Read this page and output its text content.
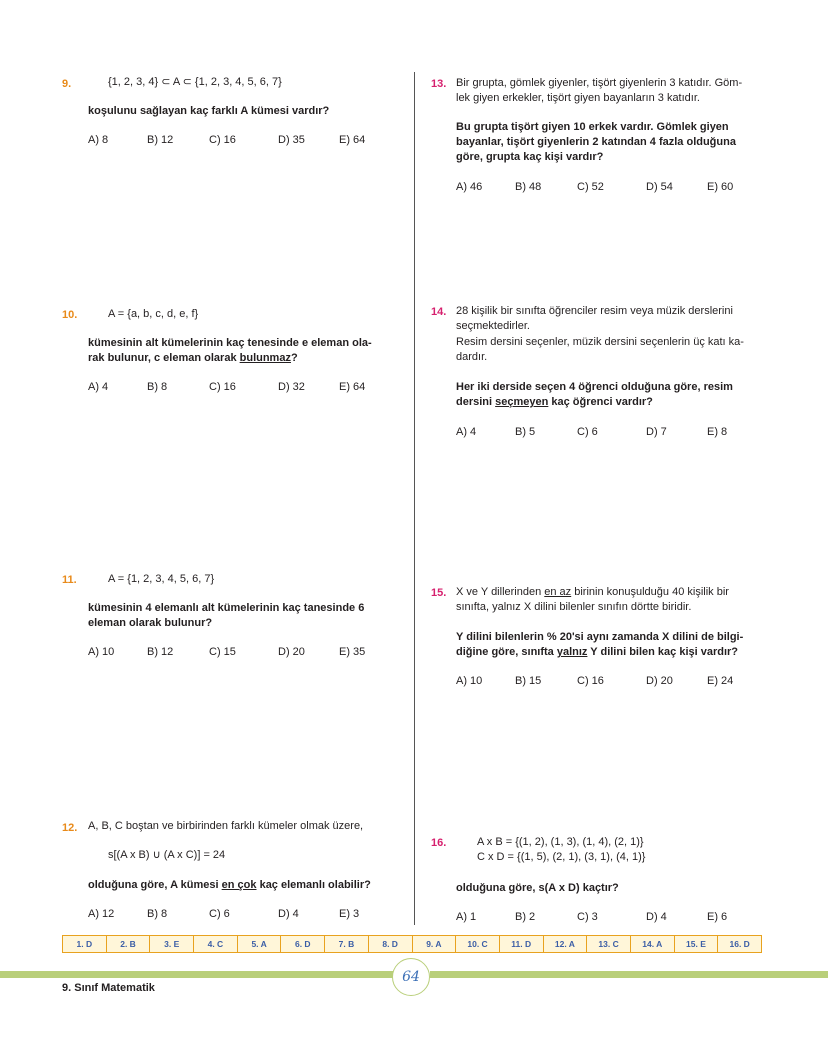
9.	{1, 2, 3, 4} ⊂ A ⊂ {1, 2, 3, 4, 5, 6, 7}
koşulunu sağlayan kaç farklı A kümesi vardır?
A) 8	B) 12	C) 16	D) 35	E) 64
10.	A = {a, b, c, d, e, f}
kümesinin alt kümelerinin kaç tenesinde e eleman ola-
rak bulunur, c eleman olarak bulunmaz?
A) 4	B) 8	C) 16	D) 32	E) 64
11.	A = {1, 2, 3, 4, 5, 6, 7}
kümesinin 4 elemanlı alt kümelerinin kaç tanesinde 6
eleman olarak bulunur?
A) 10	B) 12	C) 15	D) 20	E) 35
12. A, B, C boştan ve birbirinden farklı kümeler olmak üzere,
s[(A x B) ∪ (A x C)] = 24
olduğuna göre, A kümesi en çok kaç elemanlı olabilir?
A) 12	B) 8	C) 6	D) 4	E) 3
13. Bir grupta, gömlek giyenler, tişört giyenlerin 3 katıdır. Göm-
lek giyen erkekler, tişört giyen bayanların 3 katıdır.
Bu grupta tişört giyen 10 erkek vardır. Gömlek giyen
bayanlar, tişört giyenlerin 2 katından 4 fazla olduğuna
göre, grupta kaç kişi vardır?
A) 46	B) 48	C) 52	D) 54	E) 60
14. 28 kişilik bir sınıfta öğrenciler resim veya müzik derslerini
seçmektedirler.
Resim dersini seçenler, müzik dersini seçenlerin üç katı ka-
dardır.
Her iki derside seçen 4 öğrenci olduğuna göre, resim
dersini seçmeyen kaç öğrenci vardır?
A) 4	B) 5	C) 6	D) 7	E) 8
15. X ve Y dillerinden en az birinin konuşulduğu 40 kişilik bir
sınıfta, yalnız X dilini bilenler sınıfın dörtte biridir.
Y dilini bilenlerin % 20'si aynı zamanda X dilini de bilgi-
diğine göre, sınıfta yalnız Y dilini bilen kaç kişi vardır?
A) 10	B) 15	C) 16	D) 20	E) 24
16.	A x B = {(1, 2), (1, 3), (1, 4), (2, 1)}
C x D = {(1, 5), (2, 1), (3, 1), (4, 1)}
olduğuna göre, s(A x D) kaçtır?
A) 1	B) 2	C) 3	D) 4	E) 6
1. D	2. B	3. E	4. C	5. A	6. D	7. B	8. D	9. A	10. C	11. D	12. A	13. C	14. A	15. E	16. D
64
9. Sınıf Matematik
